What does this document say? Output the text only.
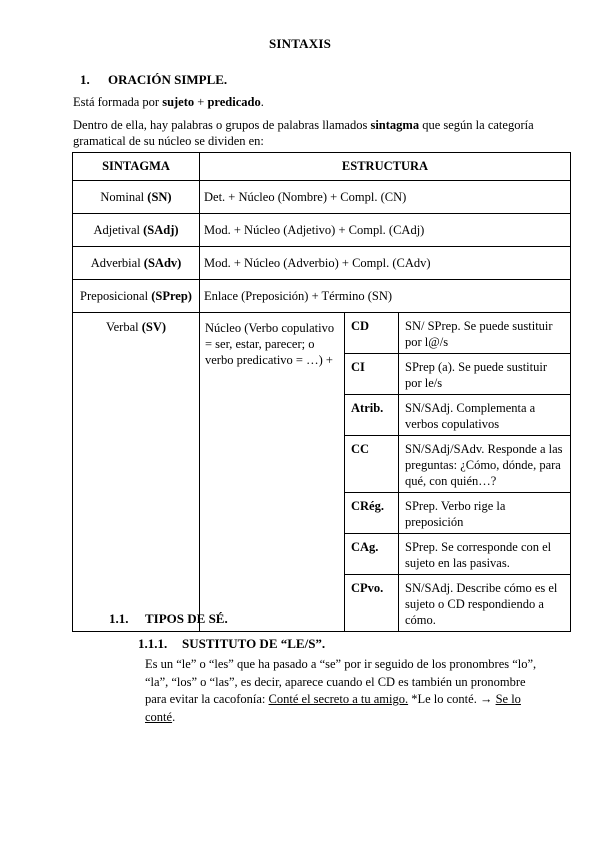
SINTAXIS
1. ORACIÓN SIMPLE.
Está formada por sujeto + predicado.
Dentro de ella, hay palabras o grupos de palabras llamados sintagma que según la categoría gramatical de su núcleo se dividen en:
SINTAGMA	ESTRUCTURA		
Nominal (SN)	Det. + Núcleo (Nombre) + Compl. (CN)		
Adjetival (SAdj)	Mod. + Núcleo (Adjetivo) + Compl. (CAdj)		
Adverbial (SAdv)	Mod. + Núcleo (Adverbio) + Compl. (CAdv)		
Preposicional (SPrep)	Enlace (Preposición) + Término (SN)		
Verbal (SV)	Núcleo (Verbo copulativo = ser, estar, parecer; o verbo predicativo = …) +	CD	SN/ SPrep. Se puede sustituir por l@/s
		CI	SPrep (a). Se puede sustituir por le/s
		Atrib.	SN/SAdj. Complementa a verbos copulativos
		CC	SN/SAdj/SAdv. Responde a las preguntas: ¿Cómo, dónde, para qué, con quién…?
		CRég.	SPrep. Verbo rige la preposición
		CAg.	SPrep. Se corresponde con el sujeto en las pasivas.
		CPvo.	SN/SAdj. Describe cómo es el sujeto o CD respondiendo a cómo.
1.1. TIPOS DE SÉ.
1.1.1. SUSTITUTO DE “LE/S”.
Es un “le” o “les” que ha pasado a “se” por ir seguido de los pronombres “lo”, “la”, “los” o “las”, es decir, aparece cuando el CD es también un pronombre para evitar la cacofonía: Conté el secreto a tu amigo. *Le lo conté. → Se lo conté.
